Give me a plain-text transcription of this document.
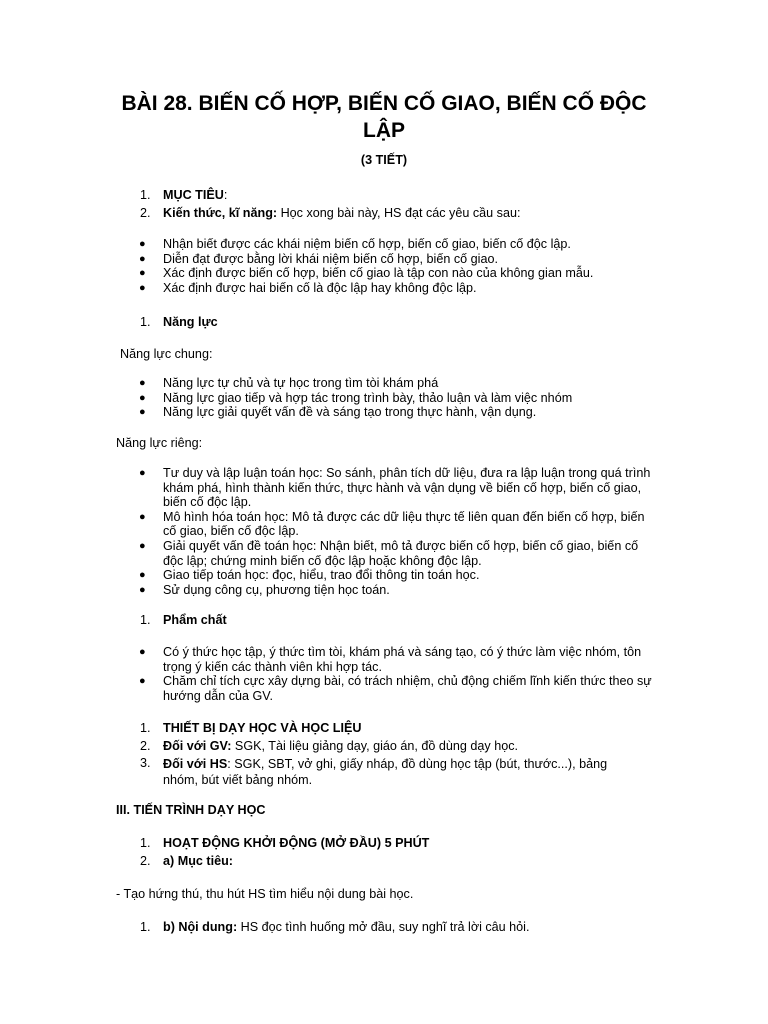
BÀI 28. BIẾN CỐ HỢP, BIẾN CỐ GIAO, BIẾN CỐ ĐỘC LẬP
(3 TIẾT)
1. MỤC TIÊU:
2. Kiến thức, kĩ năng: Học xong bài này, HS đạt các yêu cầu sau:
● Nhận biết được các khái niệm biến cố hợp, biến cố giao, biến cố độc lập.
● Diễn đạt được bằng lời khái niệm biến cố hợp, biến cố giao.
● Xác định được biến cố hợp, biến cố giao là tập con nào của không gian mẫu.
● Xác định được hai biến cố là độc lập hay không độc lập.
1. Năng lực
Năng lực chung:
● Năng lực tự chủ và tự học trong tìm tòi khám phá
● Năng lực giao tiếp và hợp tác trong trình bày, thảo luận và làm việc nhóm
● Năng lực giải quyết vấn đề và sáng tạo trong thực hành, vận dụng.
Năng lực riêng:
● Tư duy và lập luận toán học: So sánh, phân tích dữ liệu, đưa ra lập luận trong quá trình khám phá, hình thành kiến thức, thực hành và vận dụng về biến cố hợp, biến cố giao, biến cố độc lập.
● Mô hình hóa toán học: Mô tả được các dữ liệu thực tế liên quan đến biến cố hợp, biến cố giao, biến cố độc lập.
● Giải quyết vấn đề toán học: Nhận biết, mô tả được biến cố hợp, biến cố giao, biến cố độc lập; chứng minh biến cố độc lập hoặc không độc lập.
● Giao tiếp toán học: đọc, hiểu, trao đổi thông tin toán học.
● Sử dụng công cụ, phương tiện học toán.
1. Phẩm chất
● Có ý thức học tập, ý thức tìm tòi, khám phá và sáng tạo, có ý thức làm việc nhóm, tôn trọng ý kiến các thành viên khi hợp tác.
● Chăm chỉ tích cực xây dựng bài, có trách nhiệm, chủ động chiếm lĩnh kiến thức theo sự hướng dẫn của GV.
1. THIẾT BỊ DẠY HỌC VÀ HỌC LIỆU
2. Đối với GV: SGK, Tài liệu giảng dạy, giáo án, đồ dùng dạy học.
3. Đối với HS: SGK, SBT, vở ghi, giấy nháp, đồ dùng học tập (bút, thước...), bảng nhóm, bút viết bảng nhóm.
III. TIẾN TRÌNH DẠY HỌC
1. HOẠT ĐỘNG KHỞI ĐỘNG (MỞ ĐẦU) 5 PHÚT
2. a) Mục tiêu:
- Tạo hứng thú, thu hút HS tìm hiểu nội dung bài học.
1. b) Nội dung: HS đọc tình huống mở đầu, suy nghĩ trả lời câu hỏi.
